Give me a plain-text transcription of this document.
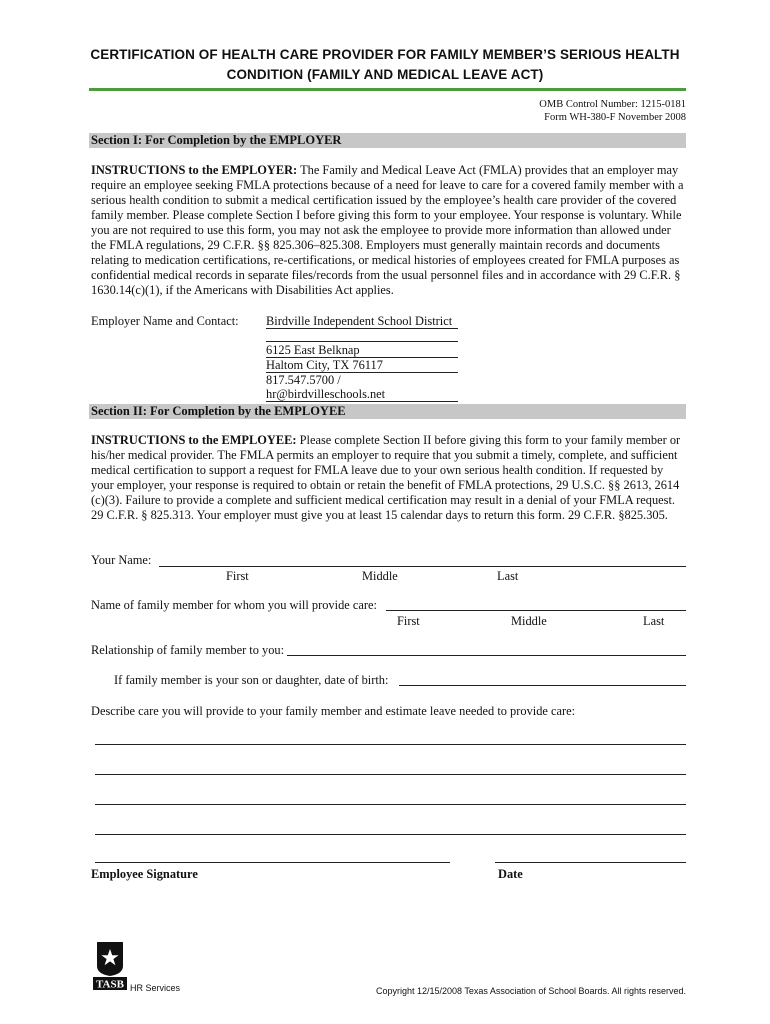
CERTIFICATION OF HEALTH CARE PROVIDER FOR FAMILY MEMBER’S SERIOUS HEALTH
CONDITION (FAMILY AND MEDICAL LEAVE ACT)
OMB Control Number: 1215-0181
Form WH-380-F November 2008
Section I: For Completion by the EMPLOYER

INSTRUCTIONS to the EMPLOYER: The Family and Medical Leave Act (FMLA) provides that an employer may require an employee seeking FMLA protections because of a need for leave to care for a covered family member with a serious health condition to submit a medical certification issued by the employee’s health care provider of the covered family member. Please complete Section I before giving this form to your employee. Your response is voluntary. While you are not required to use this form, you may not ask the employee to provide more information than allowed under the FMLA regulations, 29 C.F.R. §§ 825.306–825.308. Employers must generally maintain records and documents relating to medication certifications, re-certifications, or medical histories of employees created for FMLA purposes as confidential medical records in separate files/records from the usual personnel files and in accordance with 29 C.F.R. § 1630.14(c)(1), if the Americans with Disabilities Act applies.

Employer Name and Contact: Birdville Independent School District
6125 East Belknap
Haltom City, TX 76117
817.547.5700 / hr@birdvilleschools.net
Section II: For Completion by the EMPLOYEE

INSTRUCTIONS to the EMPLOYEE: Please complete Section II before giving this form to your family member or his/her medical provider. The FMLA permits an employer to require that you submit a timely, complete, and sufficient medical certification to support a request for FMLA leave due to your own serious health condition. If requested by your employer, your response is required to obtain or retain the benefit of FMLA protections, 29 U.S.C. §§ 2613, 2614 (c)(3). Failure to provide a complete and sufficient medical certification may result in a denial of your FMLA request. 29 C.F.R. § 825.313. Your employer must give you at least 15 calendar days to return this form. 29 C.F.R. §825.305.

Your Name:
First	Middle	Last
Name of family member for whom you will provide care:
First	Middle	Last
Relationship of family member to you:
If family member is your son or daughter, date of birth:
Describe care you will provide to your family member and estimate leave needed to provide care:
Employee Signature	Date
TASB HR Services	Copyright 12/15/2008 Texas Association of School Boards. All rights reserved.
